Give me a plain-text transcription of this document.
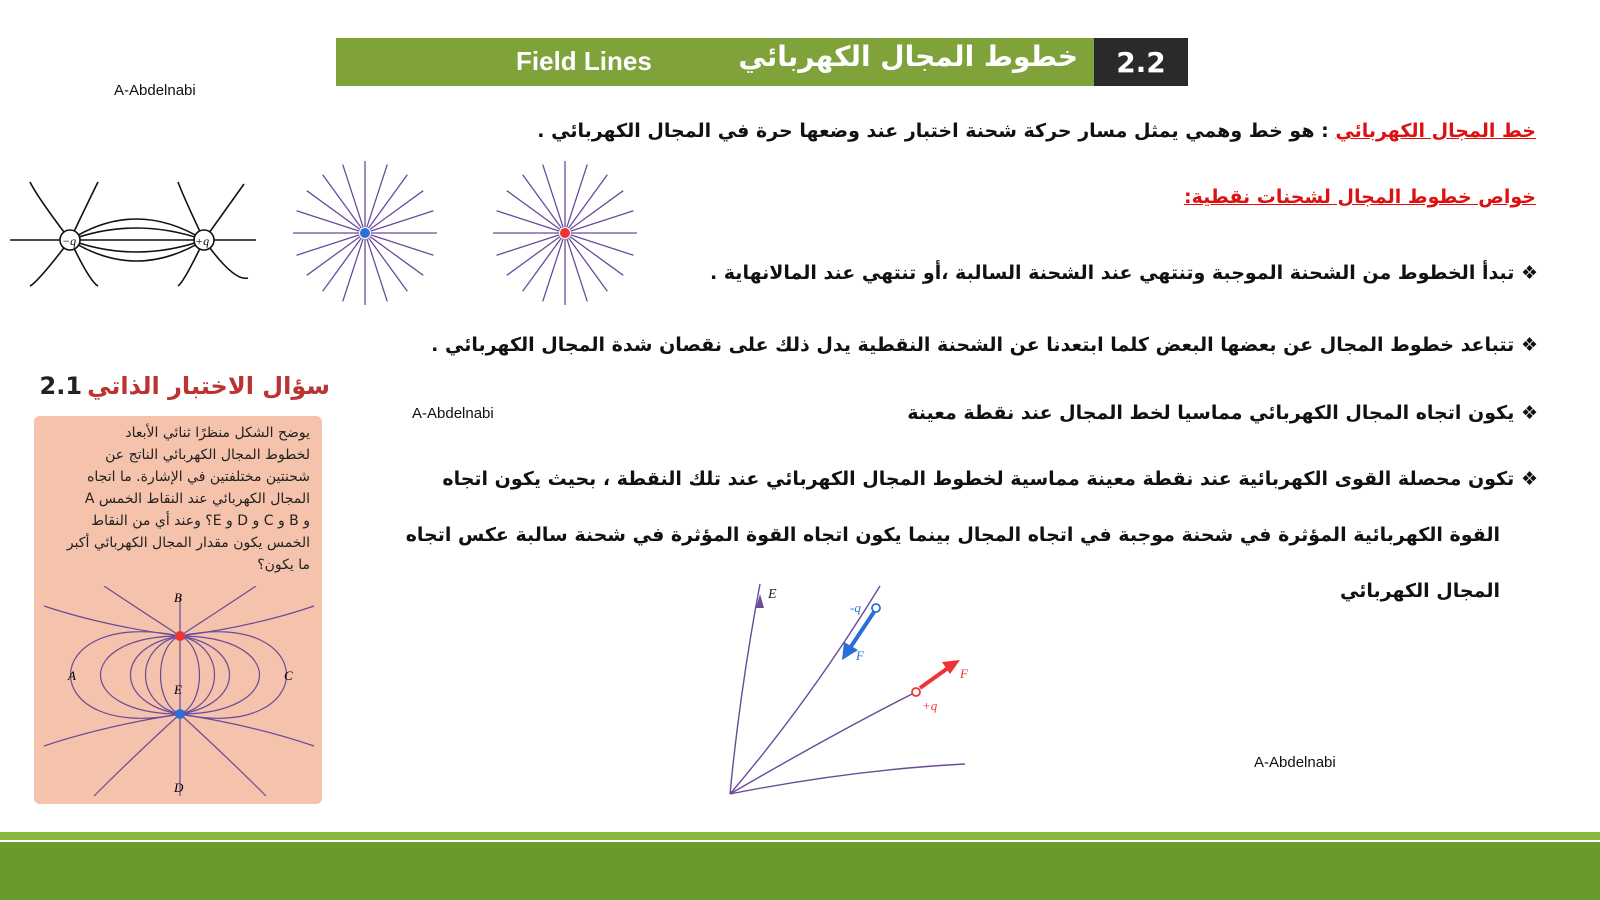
2.2
خطوط المجال الكهربائي
Field Lines
A-Abdelnabi
A-Abdelnabi
A-Abdelnabi
خط المجال الكهربائي : هو خط وهمي يمثل مسار حركة شحنة اختبار عند وضعها حرة في المجال الكهربائي .
خواص خطوط المجال لشحنات نقطية:
❖ تبدأ الخطوط من الشحنة الموجبة وتنتهي عند الشحنة السالبة ،أو تنتهي عند المالانهاية .
❖ تتباعد خطوط المجال عن بعضها البعض كلما ابتعدنا عن الشحنة النقطية يدل ذلك على نقصان شدة المجال الكهربائي .
❖ يكون اتجاه المجال الكهربائي مماسيا لخط المجال عند نقطة معينة
❖ تكون محصلة القوى الكهربائية عند نقطة معينة مماسية لخطوط المجال الكهربائي عند تلك النقطة ، بحيث يكون اتجاه
القوة الكهربائية المؤثرة في شحنة موجبة في اتجاه المجال بينما يكون اتجاه القوة المؤثرة في شحنة سالبة عكس اتجاه
المجال الكهربائي
−q	+q
سؤال الاختبار الذاتي 2.1
يوضح الشكل منظرًا ثنائي الأبعاد
لخطوط المجال الكهربائي الناتج عن
شحنتين مختلفتين في الإشارة. ما اتجاه
المجال الكهربائي عند النقاط الخمس A
و B و C و D و E؟ وعند أي من النقاط
الخمس يكون مقدار المجال الكهربائي أكبر
ما يكون؟
B
A	C
D
E
E
-q
F
+q
F
